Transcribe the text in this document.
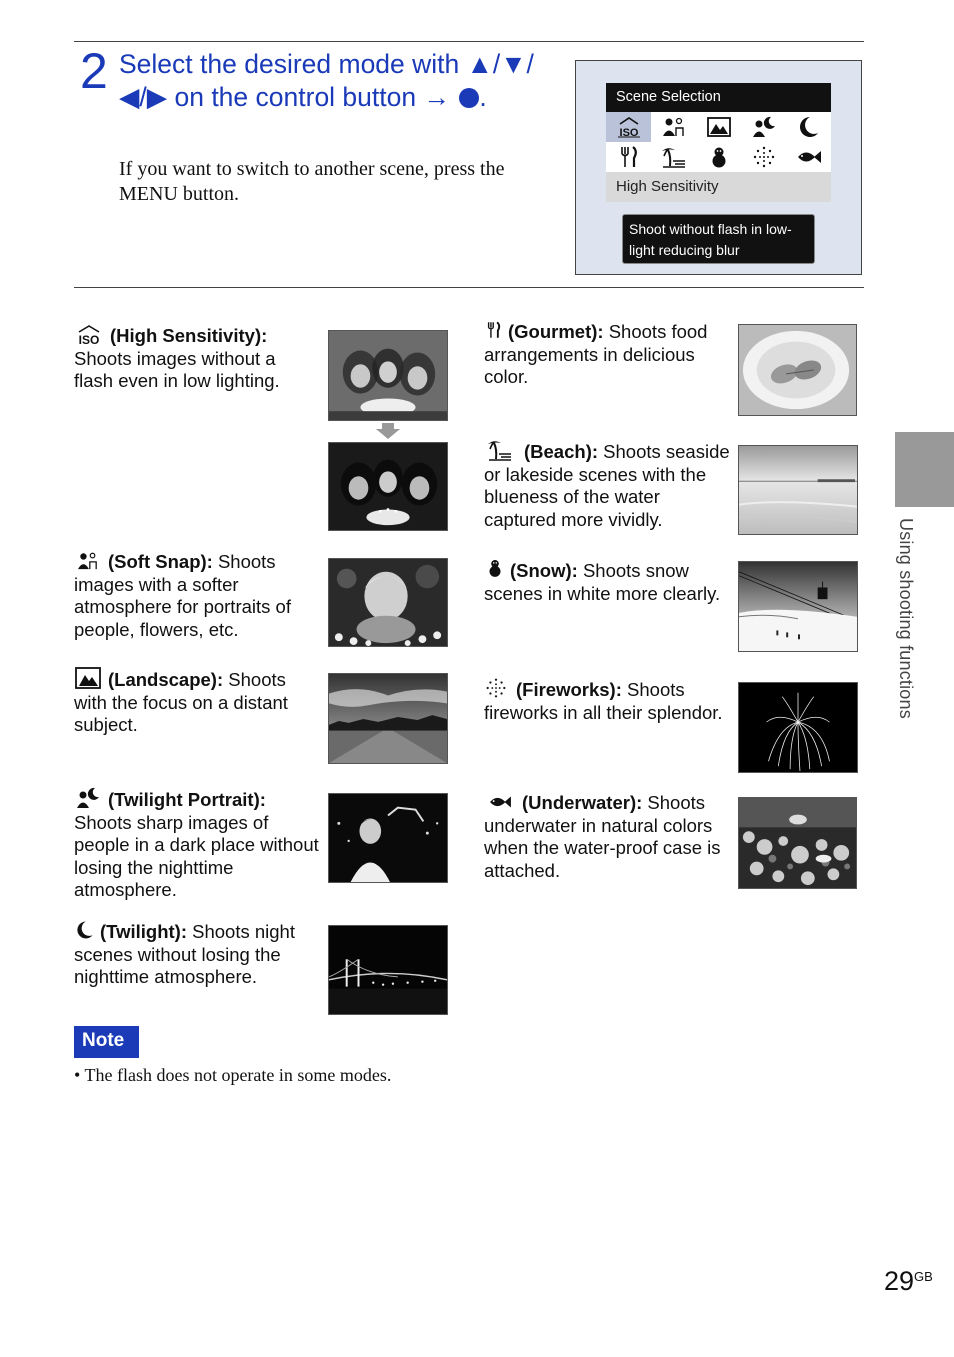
2 Select the desired mode with ▲/▼/◀/▶ on the control button → .
If you want to switch to another scene, press the MENU button.
Scene Selection
ISO
High Sensitivity
Shoot without flash in low-light reducing blur
ISO (High Sensitivity):
Shoots images without a flash even in low lighting.
(Soft Snap): Shoots images with a softer atmosphere for portraits of people, flowers, etc.
(Landscape): Shoots with the focus on a distant subject.
(Twilight Portrait):
Shoots sharp images of people in a dark place without losing the nighttime atmosphere.
(Twilight): Shoots night scenes without losing the nighttime atmosphere.
(Gourmet): Shoots food arrangements in delicious color.
(Beach): Shoots seaside or lakeside scenes with the blueness of the water captured more vividly.
(Snow): Shoots snow scenes in white more clearly.
(Fireworks): Shoots fireworks in all their splendor.
(Underwater): Shoots underwater in natural colors when the water-proof case is attached.
Note
• The flash does not operate in some modes.
Using shooting functions
$29^{GB}$
